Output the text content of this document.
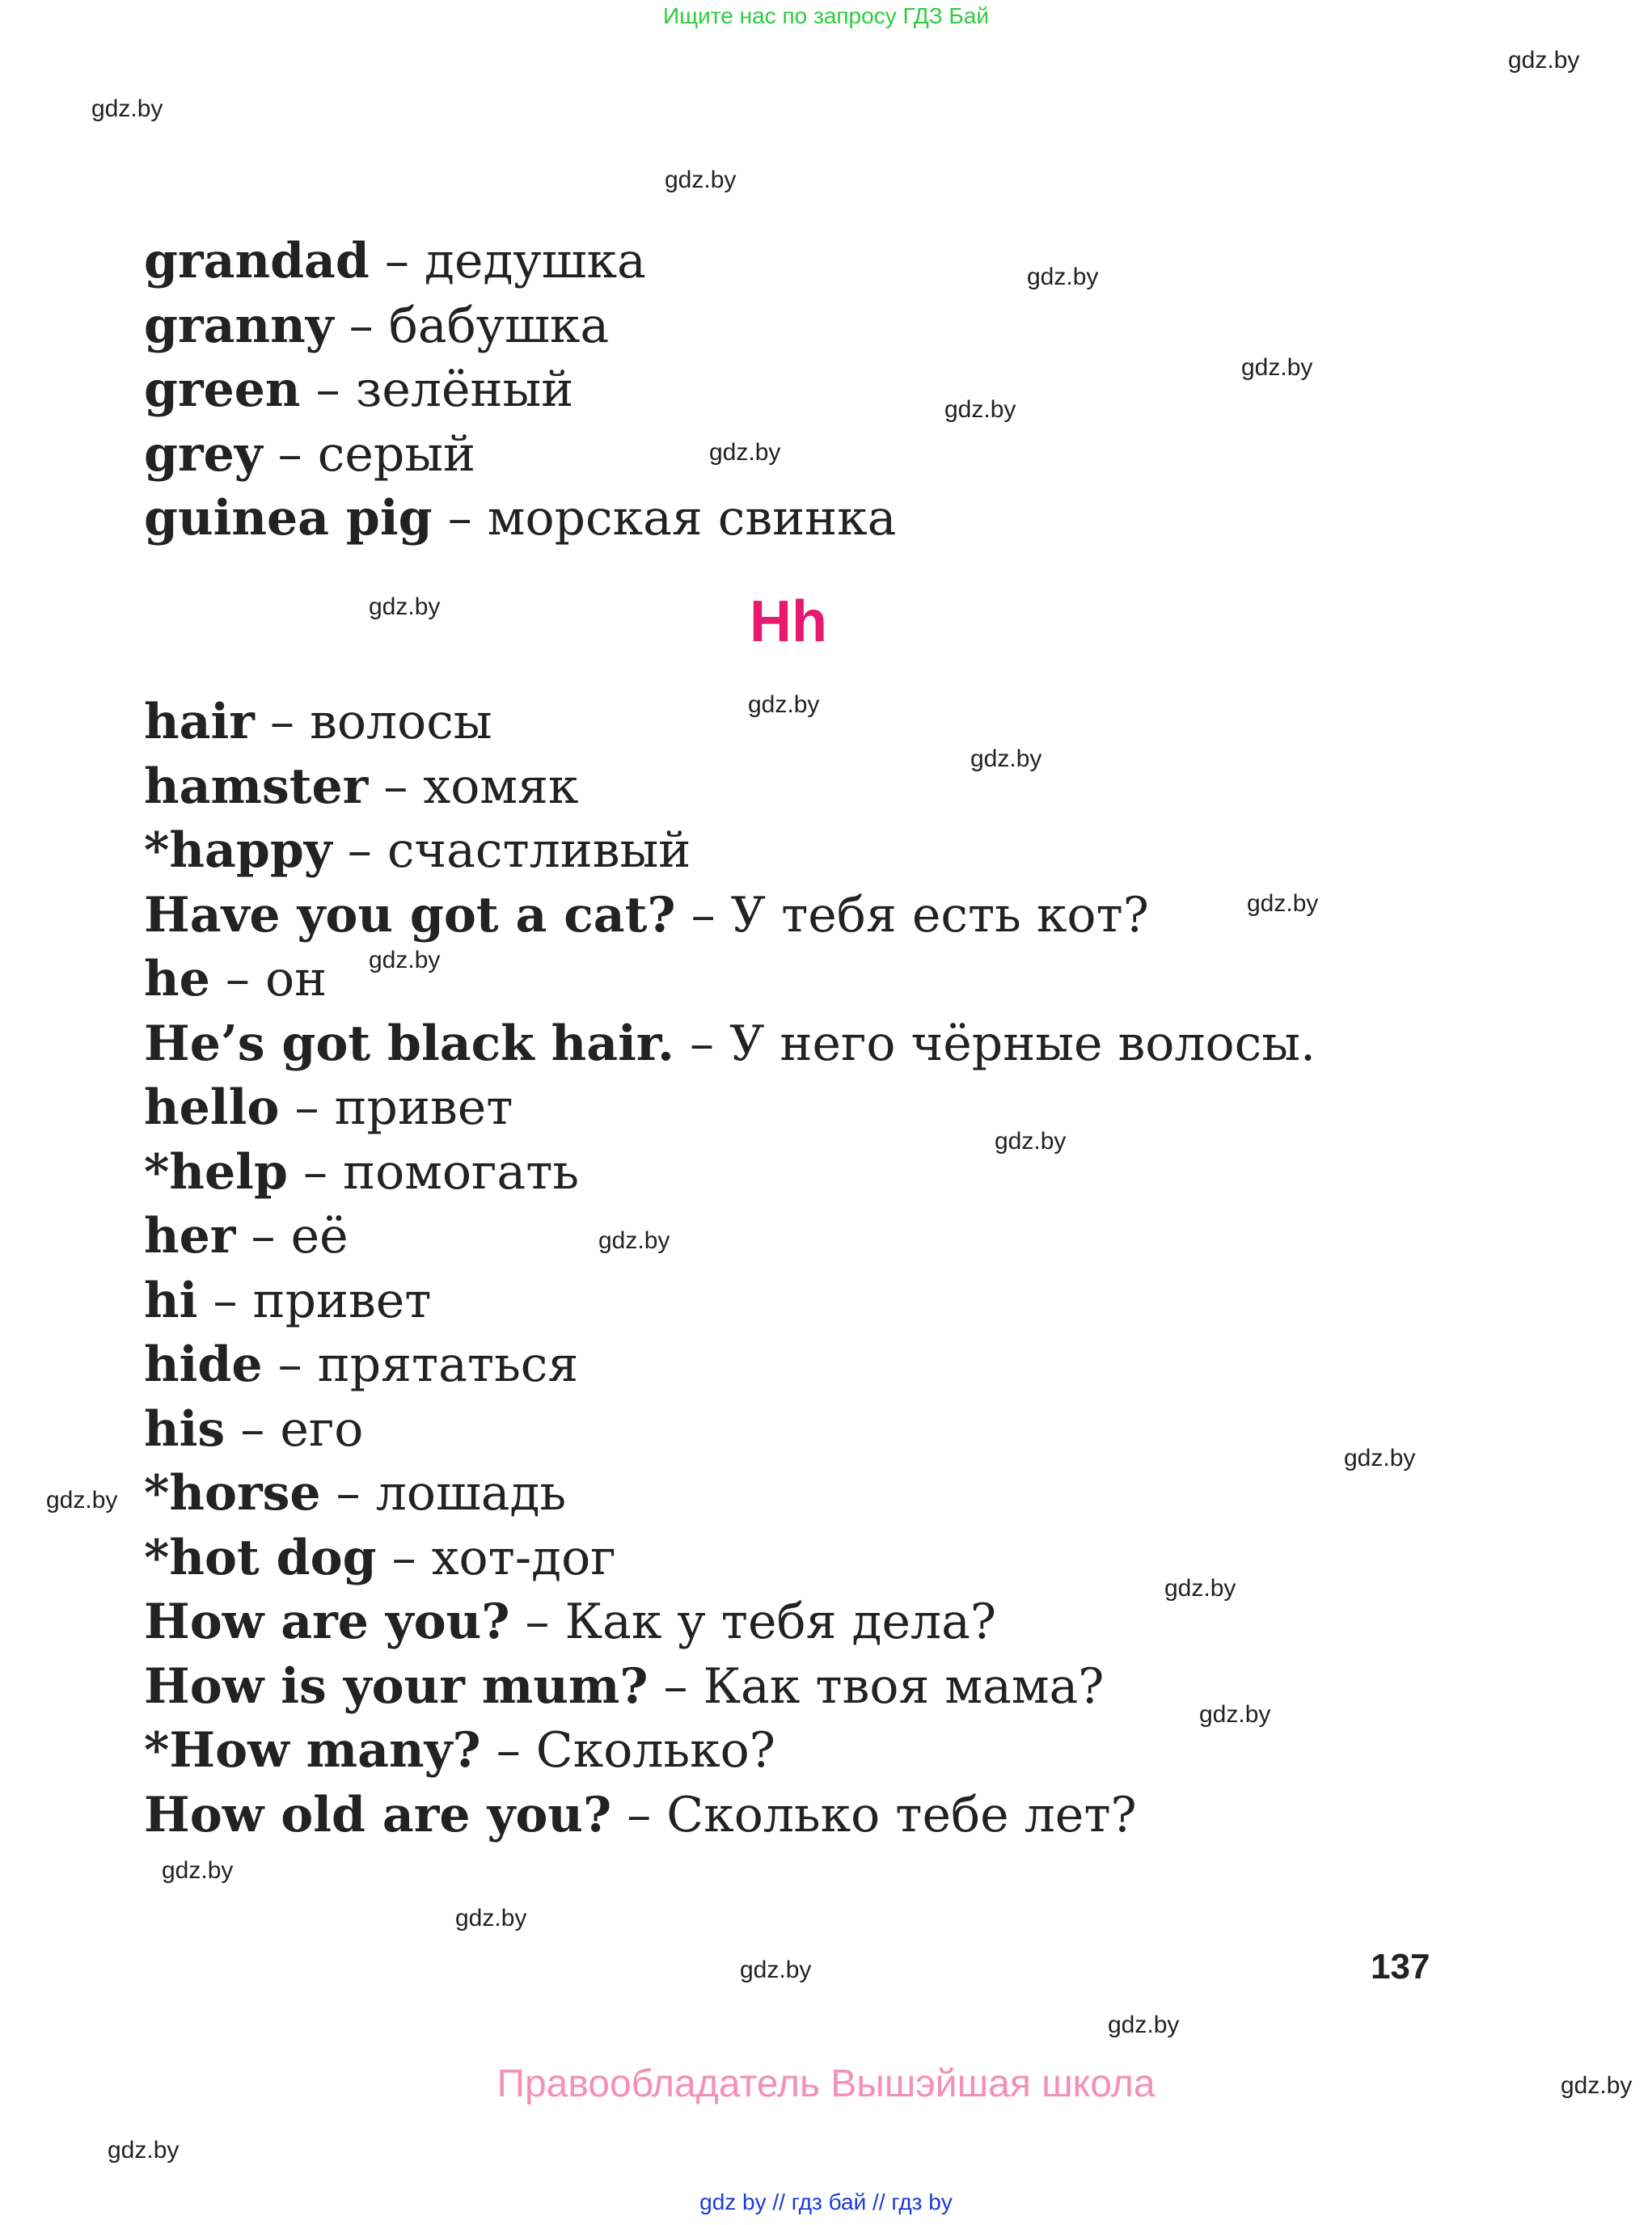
Ищите нас по запросу ГДЗ Бай
gdz.by
gdz.by
gdz.by
gdz.by
gdz.by
gdz.by
gdz.by
gdz.by
gdz.by
gdz.by
gdz.by
gdz.by
gdz.by
gdz.by
gdz.by
gdz.by
gdz.by
gdz.by
gdz.by
gdz.by
gdz.by
gdz.by
gdz.by
gdz.by
grandad – дедушка
granny – бабушка
green – зелёный
grey – серый
guinea pig – морская свинка
Hh
hair – волосы
hamster – хомяк
*happy – счастливый
Have you got a cat? – У тебя есть кот?
he – он
He’s got black hair. – У него чёрные волосы.
hello – привет
*help – помогать
her – её
hi – привет
hide – прятаться
his – его
*horse – лошадь
*hot dog – хот-дог
How are you? – Как у тебя дела?
How is your mum? – Как твоя мама?
*How many? – Сколько?
How old are you? – Сколько тебе лет?
137
Правообладатель Вышэйшая школа
gdz by // гдз бай // гдз by
